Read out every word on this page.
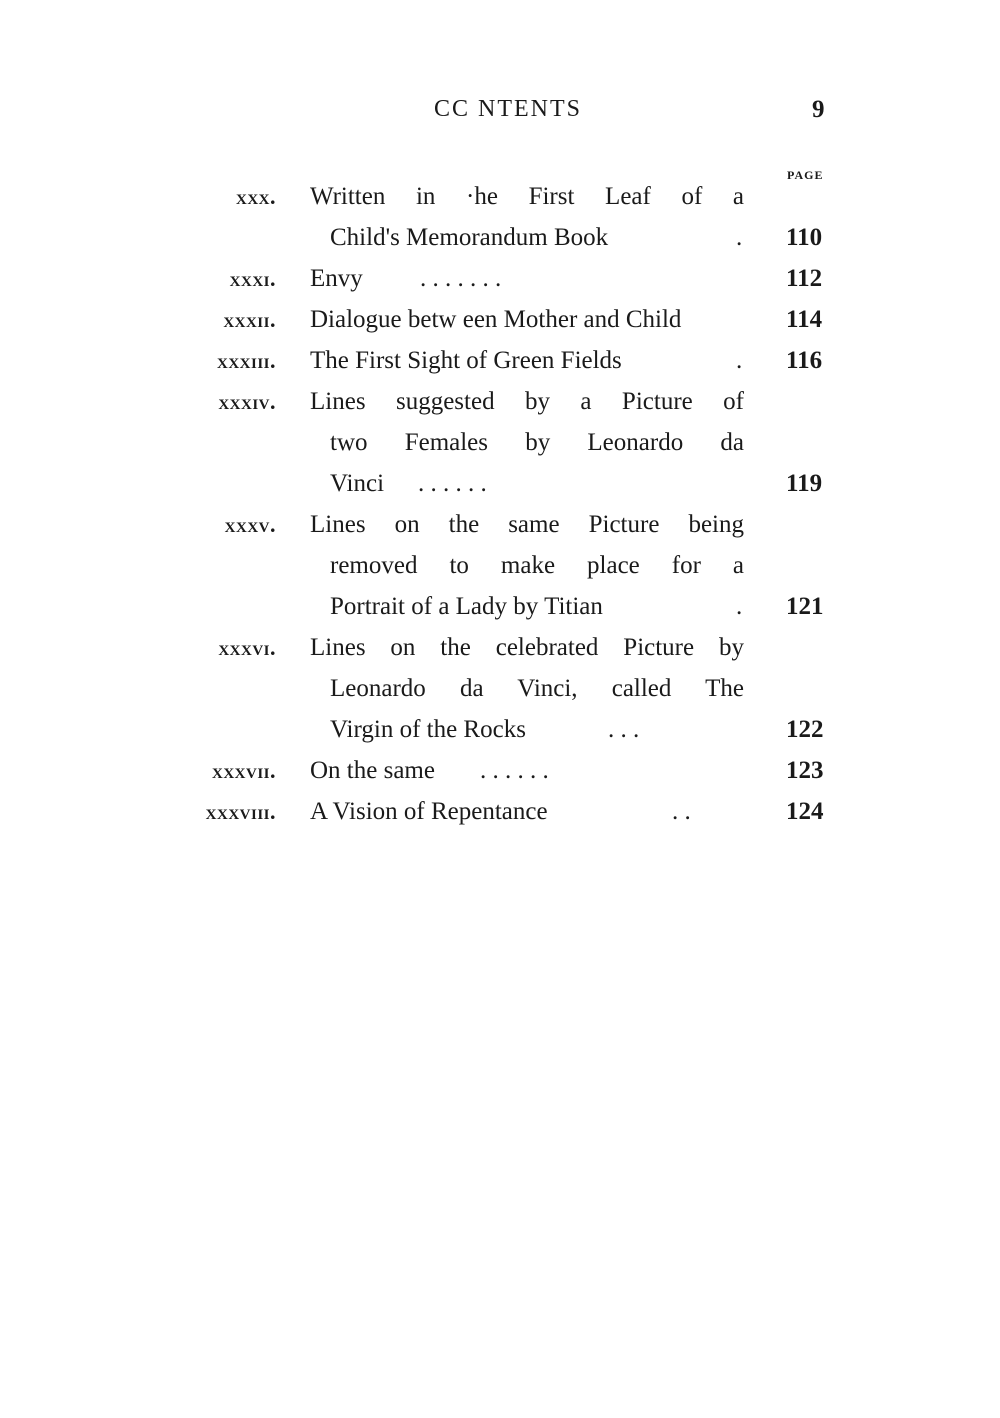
CC NTENTS	9
PAGE
xxx. Written in ·he First Leaf of a
Child's Memorandum Book	. 110
xxxi. Envy	. . . . . . .	112
xxxii. Dialogue betw een Mother and Child	114
xxxiii. The First Sight of Green Fields	. 116
xxxiv. Lines suggested by a Picture of
two Females by Leonardo da
Vinci	. . . . . .	119
xxxv. Lines on the same Picture being
removed to make place for a
Portrait of a Lady by Titian	. 121
xxxvi. Lines on the celebrated Picture by
Leonardo da Vinci, called The
Virgin of the Rocks	. . .	122
xxxvii. On the same	. . . . . .	123
xxxviii. A Vision of Repentance	. .	124
